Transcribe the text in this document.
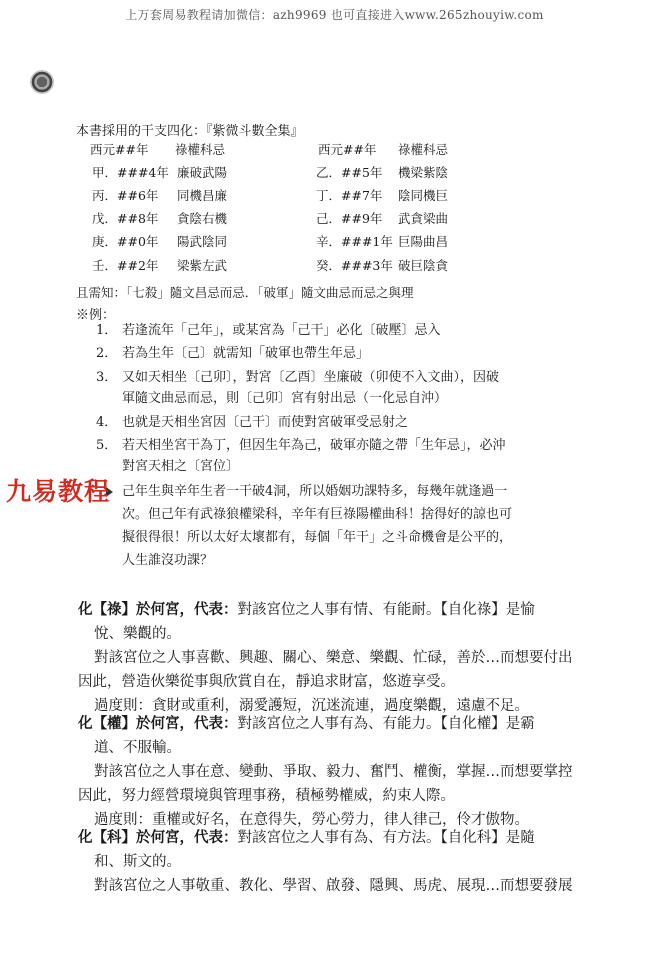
上万套周易教程请加微信：azh9969 也可直接进入www.265zhouyiw.com
本書採用的干支四化：『紫微斗數全集』
西元##年 祿權科忌	西元##年 祿權科忌
甲．###4年 廉破武陽	乙．##5年 機梁紫陰
丙．##6年 同機昌廉	丁．##7年 陰同機巨
戊．##8年 貪陰右機	己．##9年 武貪梁曲
庚．##0年 陽武陰同	辛．###1年 巨陽曲昌
壬．##2年 梁紫左武	癸．###3年 破巨陰貪
且需知：「七殺」隨文昌忌而忌．「破軍」隨文曲忌而忌之與理
※例：
1． 若逢流年「己年」，或某宮為「己干」必化〔破壓〕忌入
2． 若為生年〔己〕就需知「破軍也帶生年忌」
3． 又如天相坐〔己卯〕，對宮〔乙酉〕坐廉破（卯使不入文曲），因破
軍隨文曲忌而忌，則〔己卯〕宮有射出忌（一化忌自沖）
4． 也就是天相坐宮因〔己干〕而使對宮破軍受忌射之
5． 若天相坐宮干為丁，但因生年為己，破軍亦隨之帶「生年忌」，必沖
對宮天相之〔宮位〕
己年生與辛年生者一干破4洞，所以婚姻功課特多，每幾年就逢過一
次。但己年有武祿狼權梁科，辛年有巨祿陽權曲科！捨得好的諒也可
擬很得很！所以太好太壞都有，每個「年干」之斗命機會是公平的，
人生誰沒功課？
九易教程
化【祿】於何宮，代表：對該宮位之人事有情、有能耐。【自化祿】是愉
悅、樂觀的。
對該宮位之人事喜歡、興趣、關心、樂意、樂觀、忙碌，善於…而想要付出
因此，營造伙樂從事與欣賞自在，靜追求財富，悠遊享受。
過度則：貪財或重利，溺愛護短，沉迷流連，過度樂觀，遠慮不足。
化【權】於何宮，代表：對該宮位之人事有為、有能力。【自化權】是霸
道、不服輸。
對該宮位之人事在意、變動、爭取、毅力、奮鬥、權衡，掌握…而想要掌控
因此，努力經營環境與管理事務，積極勢權威，約束人際。
過度則：重權或好名，在意得失，勞心勞力，律人律己，伶才傲物。
化【科】於何宮，代表：對該宮位之人事有為、有方法。【自化科】是隨
和、斯文的。
對該宮位之人事敬重、教化、學習、啟發、隱興、馬虎、展現…而想要發展
